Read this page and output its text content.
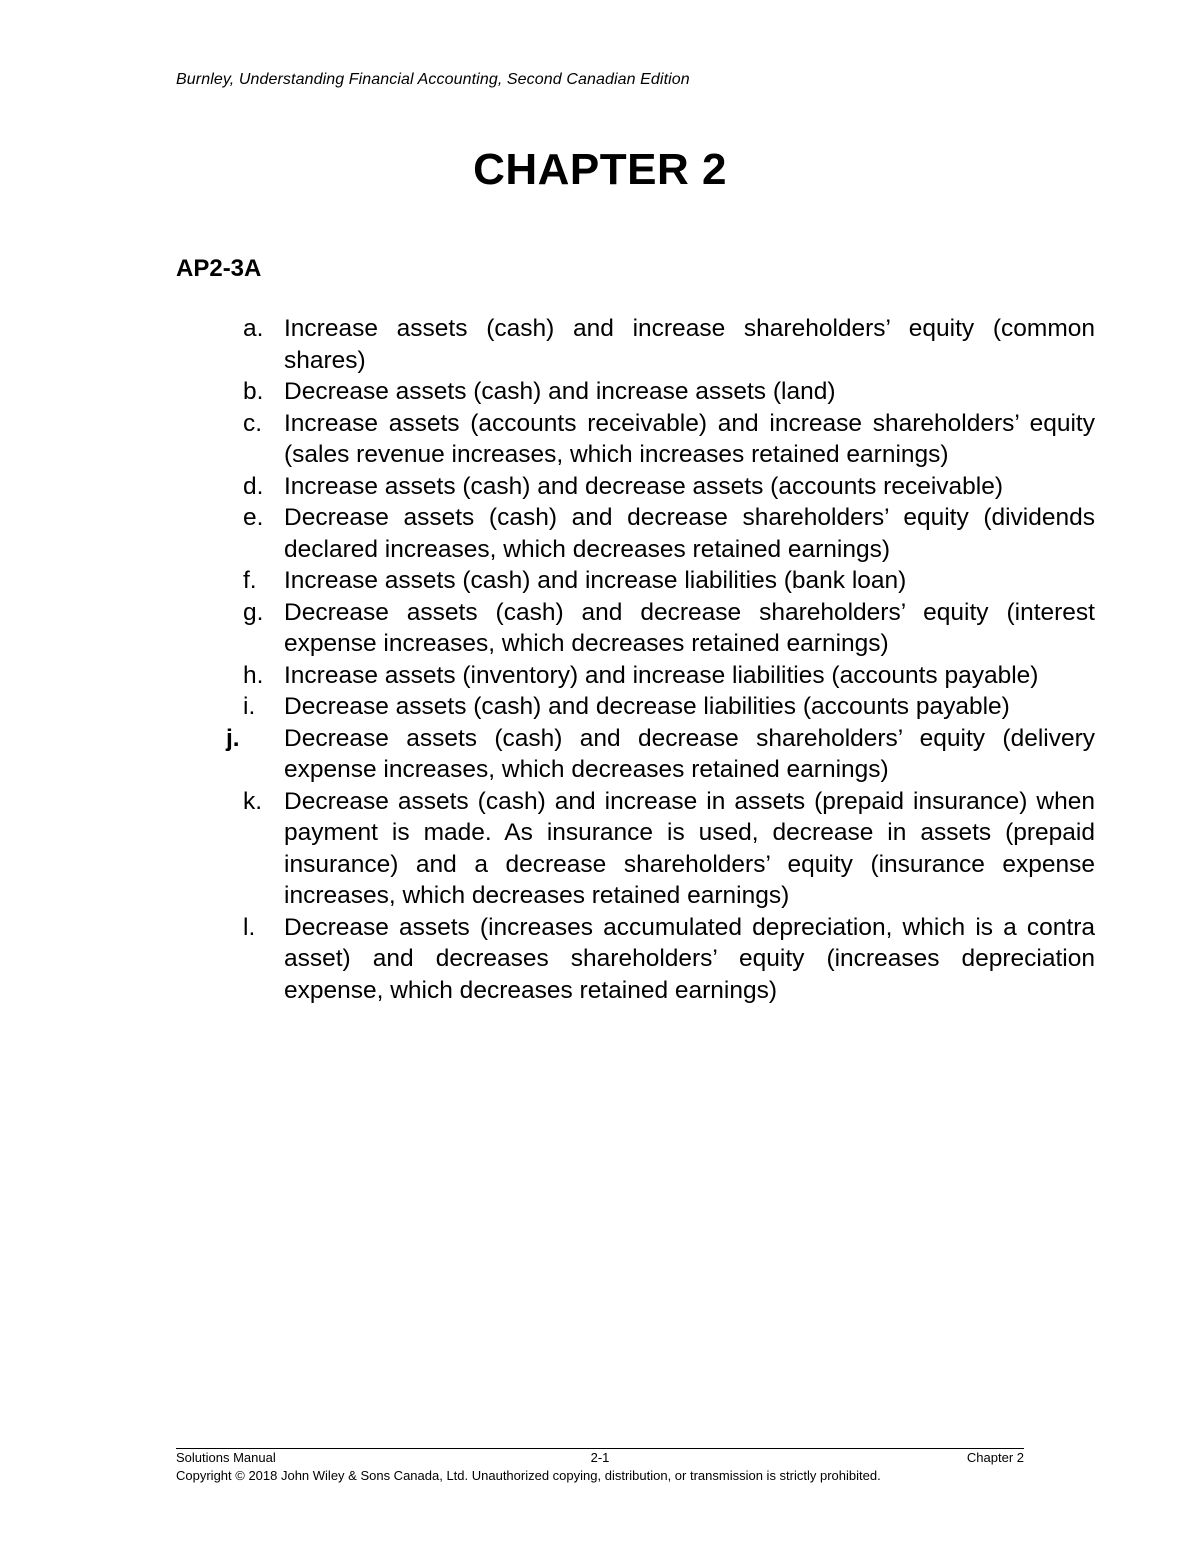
Burnley, Understanding Financial Accounting, Second Canadian Edition
CHAPTER 2
AP2-3A
a. Increase assets (cash) and increase shareholders’ equity (common shares)
b. Decrease assets (cash) and increase assets (land)
c. Increase assets (accounts receivable) and increase shareholders’ equity (sales revenue increases, which increases retained earnings)
d. Increase assets (cash) and decrease assets (accounts receivable)
e. Decrease assets (cash) and decrease shareholders’ equity (dividends declared increases, which decreases retained earnings)
f.	Increase assets (cash) and increase liabilities (bank loan)
g. Decrease assets (cash) and decrease shareholders’ equity (interest expense increases, which decreases retained earnings)
h. Increase assets (inventory) and increase liabilities (accounts payable)
i.	Decrease assets (cash) and decrease liabilities (accounts payable)
j.	Decrease assets (cash) and decrease shareholders’ equity (delivery expense increases, which decreases retained earnings)
k. Decrease assets (cash) and increase in assets (prepaid insurance) when payment is made. As insurance is used, decrease in assets (prepaid insurance) and a decrease shareholders’ equity (insurance expense increases, which decreases retained earnings)
l.	Decrease assets (increases accumulated depreciation, which is a contra asset) and decreases shareholders’ equity (increases depreciation expense, which decreases retained earnings)
Solutions Manual	2-1	Chapter 2
Copyright © 2018 John Wiley & Sons Canada, Ltd. Unauthorized copying, distribution, or transmission is strictly prohibited.
